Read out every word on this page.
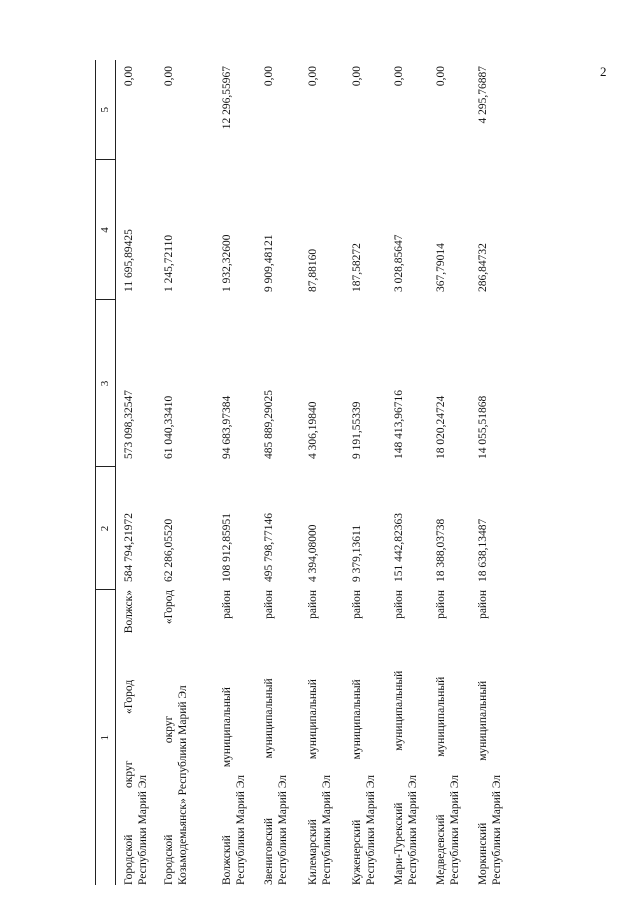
2
1	2	3	4	5

Городской округ «Город Волжск» Республики Марий Эл	584 794,21972	573 098,32547	11 695,89425	0,00

Городской округ «Город Козьмодемьянск» Республики Марий Эл	62 286,05520	61 040,33410	1 245,72110	0,00

Волжский муниципальный район Республики Марий Эл	108 912,85951	94 683,97384	1 932,32600	12 296,55967

Звениговский муниципальный район Республики Марий Эл	495 798,77146	485 889,29025	9 909,48121	0,00

Килемарский муниципальный район Республики Марий Эл	4 394,08000	4 306,19840	87,88160	0,00

Куженерский муниципальный район Республики Марий Эл	9 379,13611	9 191,55339	187,58272	0,00

Мари-Турекский муниципальный район Республики Марий Эл	151 442,82363	148 413,96716	3 028,85647	0,00

Медведевский муниципальный район Республики Марий Эл	18 388,03738	18 020,24724	367,79014	0,00

Моркинский муниципальный район Республики Марий Эл	18 638,13487	14 055,51868	286,84732	4 295,76887
